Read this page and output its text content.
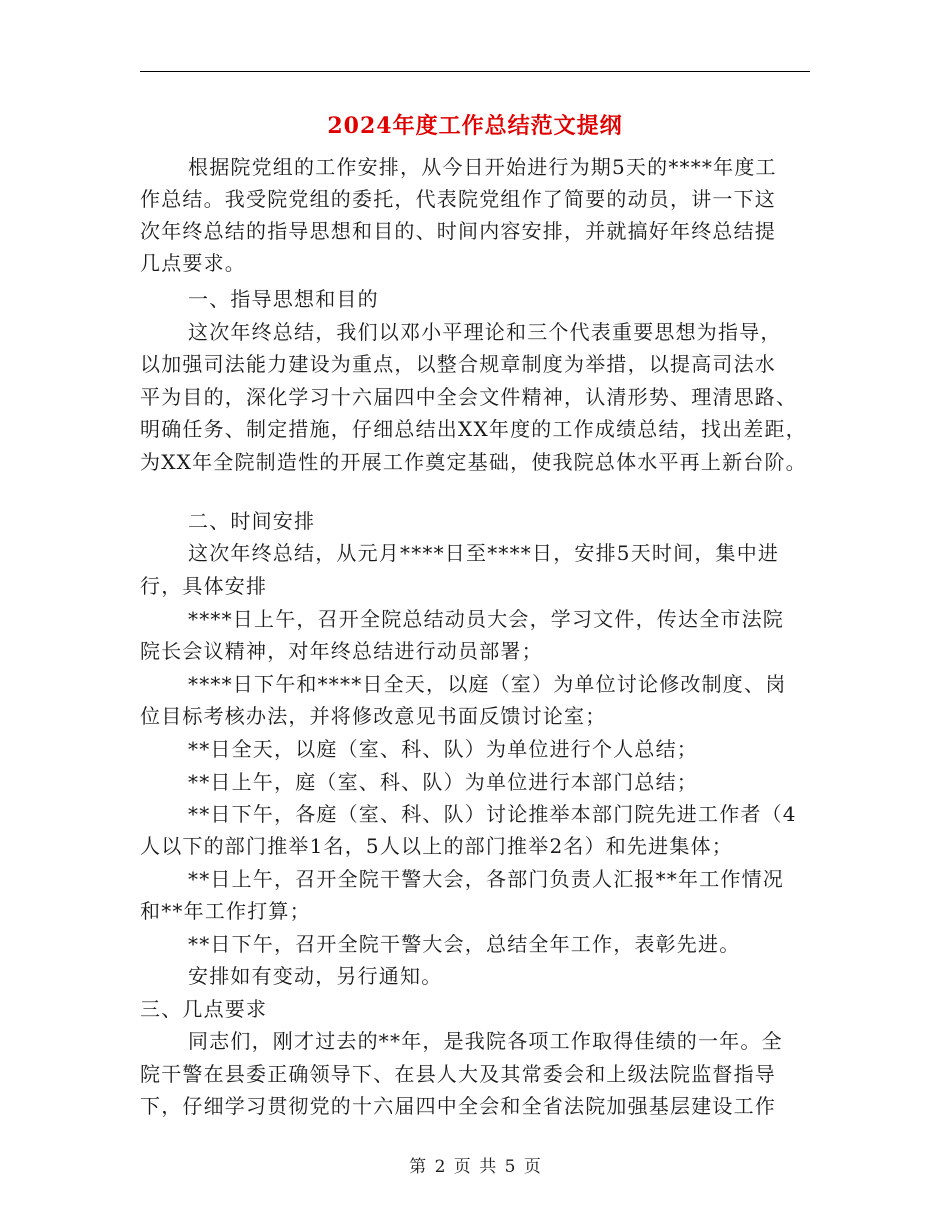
2024年度工作总结范文提纲
根据院党组的工作安排，从今日开始进行为期5天的****年度工
作总结。我受院党组的委托，代表院党组作了简要的动员，讲一下这
次年终总结的指导思想和目的、时间内容安排，并就搞好年终总结提
几点要求。
一、指导思想和目的
这次年终总结，我们以邓小平理论和三个代表重要思想为指导，
以加强司法能力建设为重点，以整合规章制度为举措，以提高司法水
平为目的，深化学习十六届四中全会文件精神，认清形势、理清思路、
明确任务、制定措施，仔细总结出XX年度的工作成绩总结，找出差距，
为XX年全院制造性的开展工作奠定基础，使我院总体水平再上新台阶。
二、时间安排
这次年终总结，从元月****日至****日，安排5天时间，集中进
行，具体安排
****日上午，召开全院总结动员大会，学习文件，传达全市法院
院长会议精神，对年终总结进行动员部署；
****日下午和****日全天，以庭（室）为单位讨论修改制度、岗
位目标考核办法，并将修改意见书面反馈讨论室；
**日全天，以庭（室、科、队）为单位进行个人总结；
**日上午，庭（室、科、队）为单位进行本部门总结；
**日下午，各庭（室、科、队）讨论推举本部门院先进工作者（4
人以下的部门推举1名，5人以上的部门推举2名）和先进集体；
**日上午，召开全院干警大会，各部门负责人汇报**年工作情况
和**年工作打算；
**日下午，召开全院干警大会，总结全年工作，表彰先进。
安排如有变动，另行通知。
三、几点要求
同志们，刚才过去的**年，是我院各项工作取得佳绩的一年。全
院干警在县委正确领导下、在县人大及其常委会和上级法院监督指导
下，仔细学习贯彻党的十六届四中全会和全省法院加强基层建设工作
第 2 页 共 5 页
